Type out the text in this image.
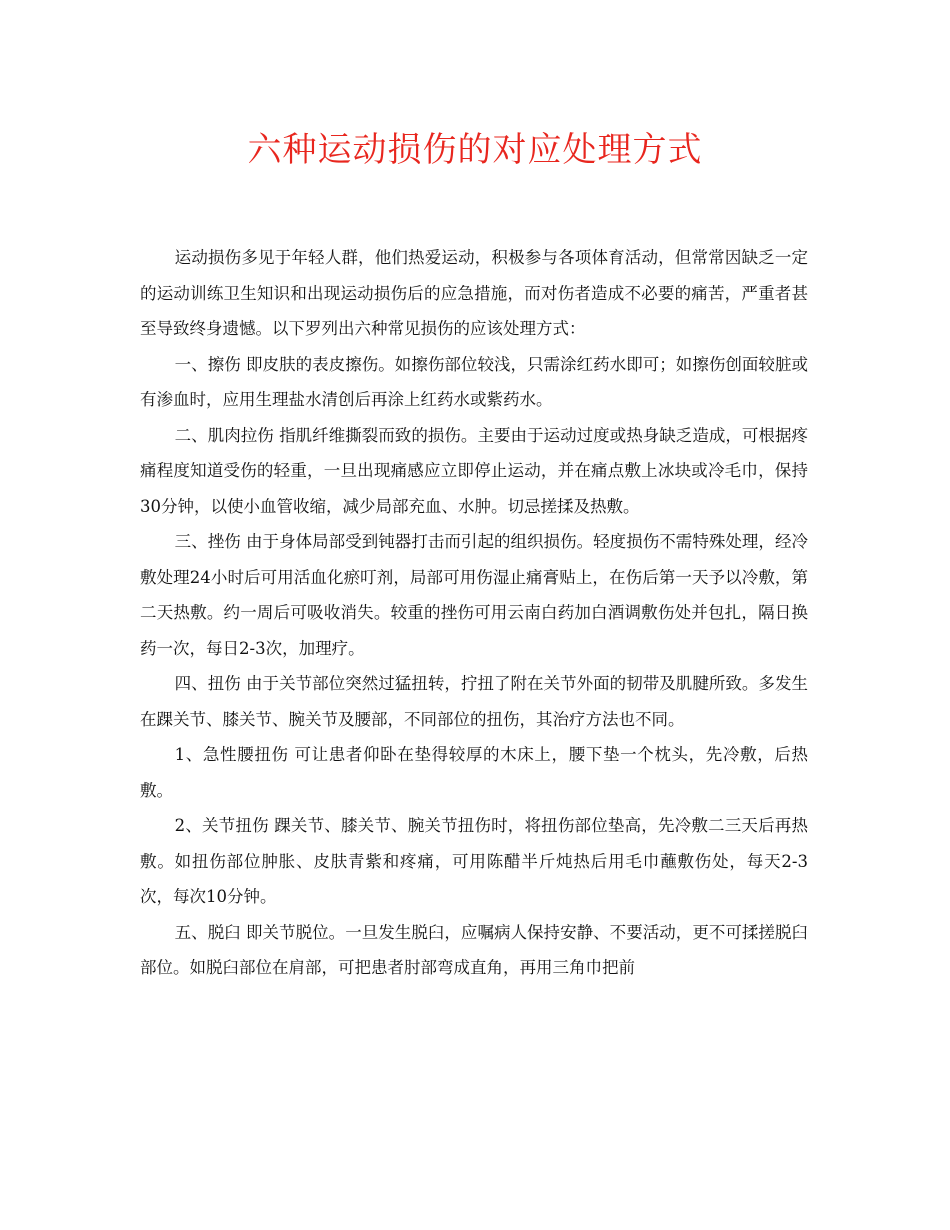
六种运动损伤的对应处理方式

运动损伤多见于年轻人群，他们热爱运动，积极参与各项体育活动，但常常因缺乏一定的运动训练卫生知识和出现运动损伤后的应急措施，而对伤者造成不必要的痛苦，严重者甚至导致终身遗憾。以下罗列出六种常见损伤的应该处理方式：

一、擦伤 即皮肤的表皮擦伤。如擦伤部位较浅，只需涂红药水即可；如擦伤创面较脏或有渗血时，应用生理盐水清创后再涂上红药水或紫药水。

二、肌肉拉伤 指肌纤维撕裂而致的损伤。主要由于运动过度或热身缺乏造成，可根据疼痛程度知道受伤的轻重，一旦出现痛感应立即停止运动，并在痛点敷上冰块或冷毛巾，保持30分钟，以使小血管收缩，减少局部充血、水肿。切忌搓揉及热敷。

三、挫伤 由于身体局部受到钝器打击而引起的组织损伤。轻度损伤不需特殊处理，经冷敷处理24小时后可用活血化瘀叮剂，局部可用伤湿止痛膏贴上，在伤后第一天予以冷敷，第二天热敷。约一周后可吸收消失。较重的挫伤可用云南白药加白酒调敷伤处并包扎，隔日换药一次，每日2-3次，加理疗。

四、扭伤 由于关节部位突然过猛扭转，拧扭了附在关节外面的韧带及肌腱所致。多发生在踝关节、膝关节、腕关节及腰部，不同部位的扭伤，其治疗方法也不同。

1、急性腰扭伤 可让患者仰卧在垫得较厚的木床上，腰下垫一个枕头，先冷敷，后热敷。

2、关节扭伤 踝关节、膝关节、腕关节扭伤时，将扭伤部位垫高，先冷敷二三天后再热敷。如扭伤部位肿胀、皮肤青紫和疼痛，可用陈醋半斤炖热后用毛巾蘸敷伤处，每天2-3次，每次10分钟。

五、脱臼 即关节脱位。一旦发生脱臼，应嘱病人保持安静、不要活动，更不可揉搓脱臼部位。如脱臼部位在肩部，可把患者肘部弯成直角，再用三角巾把前
